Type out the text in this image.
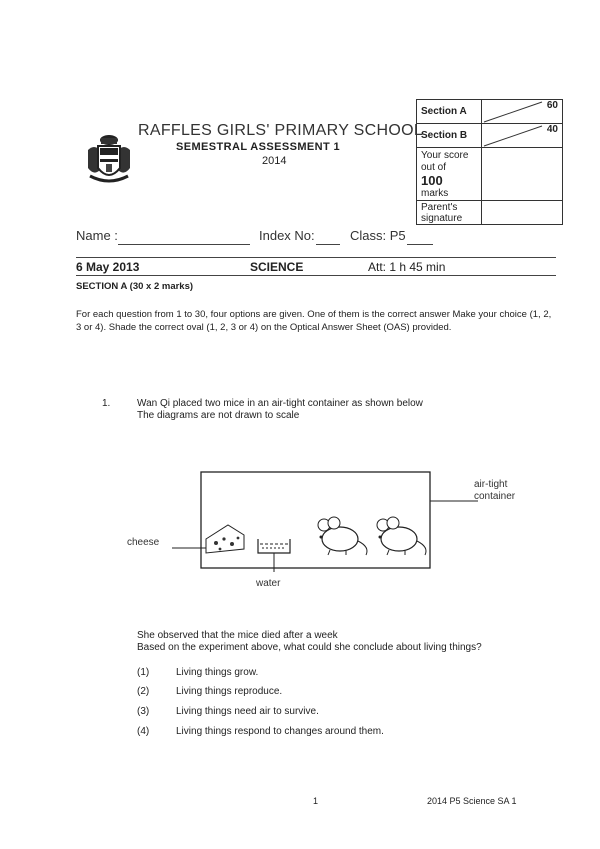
RAFFLES GIRLS' PRIMARY SCHOOL
SEMESTRAL ASSESSMENT 1
2014
Section A	60
Section B	40

Your score
out of
100
marks	

Parent's
signature	

Name :	Index No:	Class: P5
6 May 2013	SCIENCE	Att: 1 h 45 min
SECTION A (30 x 2 marks)
For each question from 1 to 30, four options are given. One of them is the correct answer Make your choice (1, 2, 3 or 4). Shade the correct oval (1, 2, 3 or 4) on the Optical Answer Sheet (OAS) provided.
1.	Wan Qi placed two mice in an air-tight container as shown below
The diagrams are not drawn to scale
air-tight
container
cheese
water
She observed that the mice died after a week
Based on the experiment above, what could she conclude about living things?
(1)	Living things grow.
(2)	Living things reproduce.
(3)	Living things need air to survive.
(4)	Living things respond to changes around them.
1	2014 P5 Science SA 1
